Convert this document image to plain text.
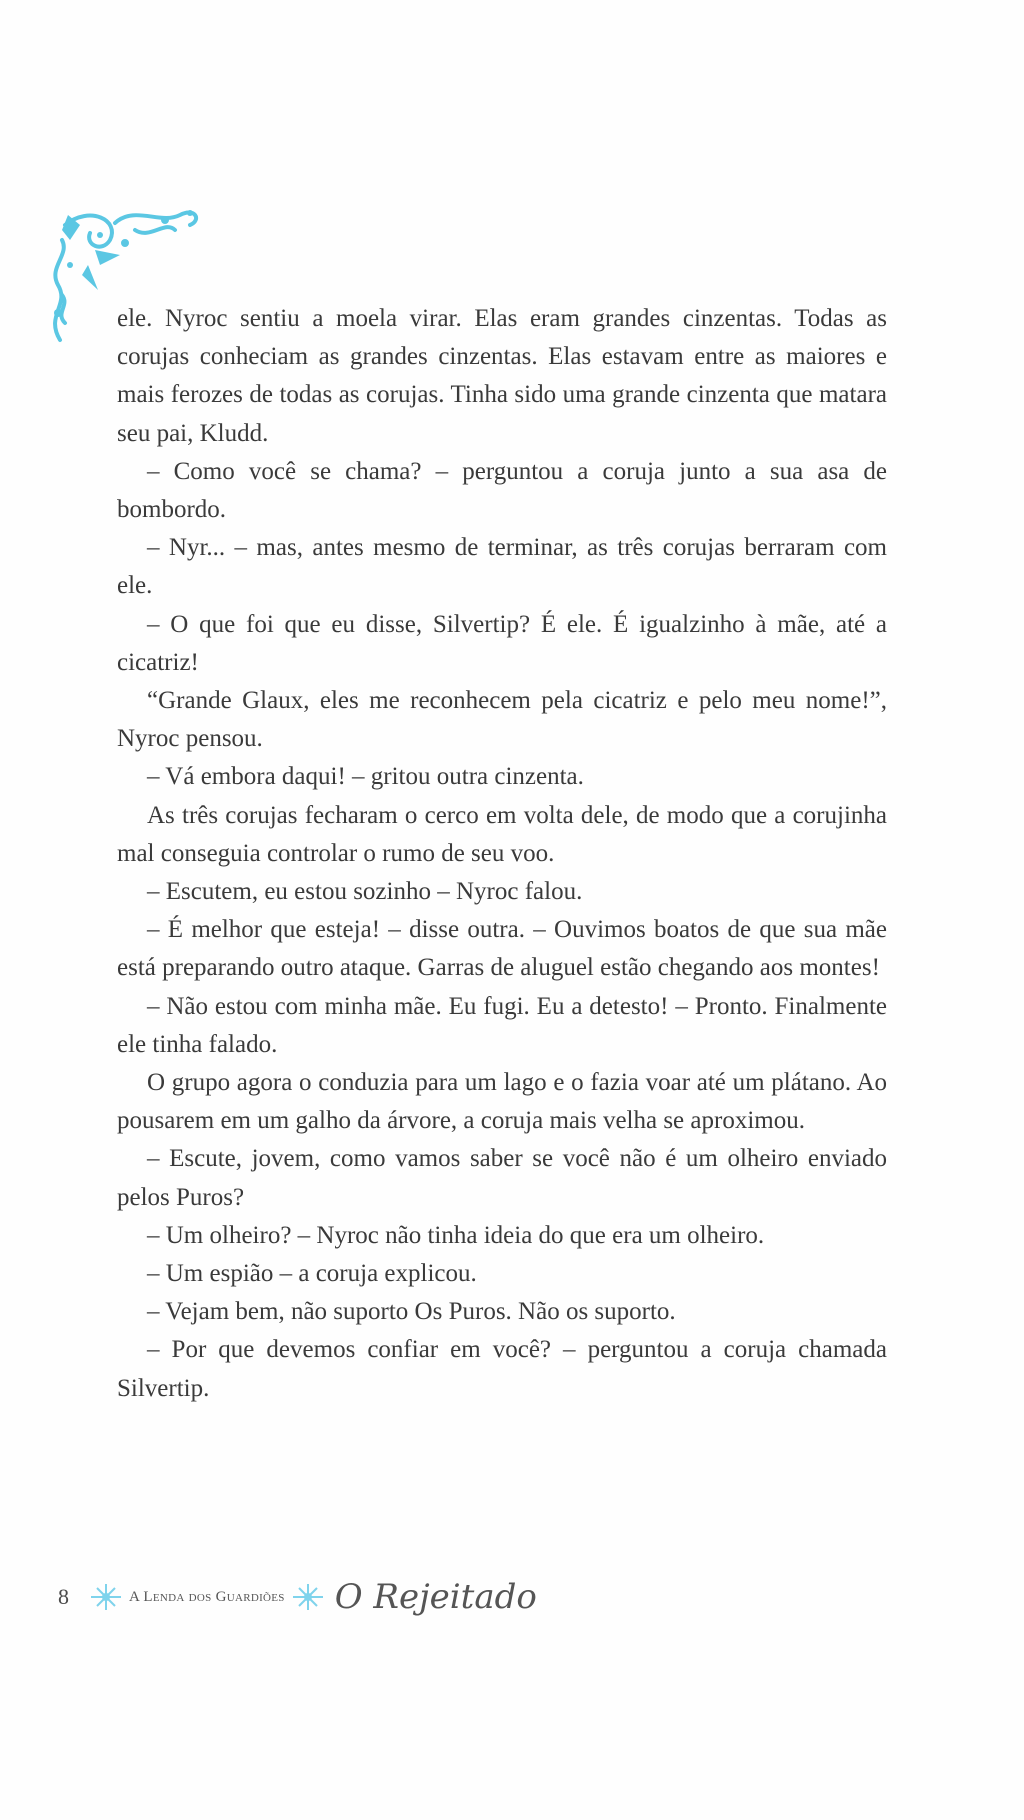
ele. Nyroc sentiu a moela virar. Elas eram grandes cinzentas. Todas as corujas conheciam as grandes cinzentas. Elas estavam entre as maiores e mais ferozes de todas as corujas. Tinha sido uma grande cinzenta que matara seu pai, Kludd.

– Como você se chama? – perguntou a coruja junto a sua asa de bombordo.

– Nyr... – mas, antes mesmo de terminar, as três corujas berraram com ele.

– O que foi que eu disse, Silvertip? É ele. É igualzinho à mãe, até a cicatriz!

“Grande Glaux, eles me reconhecem pela cicatriz e pelo meu nome!”, Nyroc pensou.

– Vá embora daqui! – gritou outra cinzenta.

As três corujas fecharam o cerco em volta dele, de modo que a corujinha mal conseguia controlar o rumo de seu voo.

– Escutem, eu estou sozinho – Nyroc falou.

– É melhor que esteja! – disse outra. – Ouvimos boatos de que sua mãe está preparando outro ataque. Garras de aluguel estão chegando aos montes!

– Não estou com minha mãe. Eu fugi. Eu a detesto! – Pronto. Finalmente ele tinha falado.

O grupo agora o conduzia para um lago e o fazia voar até um plátano. Ao pousarem em um galho da árvore, a coruja mais velha se aproximou.

– Escute, jovem, como vamos saber se você não é um olheiro enviado pelos Puros?

– Um olheiro? – Nyroc não tinha ideia do que era um olheiro.

– Um espião – a coruja explicou.

– Vejam bem, não suporto Os Puros. Não os suporto.

– Por que devemos confiar em você? – perguntou a coruja chamada Silvertip.

8	A Lenda dos Guardiões O Rejeitado
